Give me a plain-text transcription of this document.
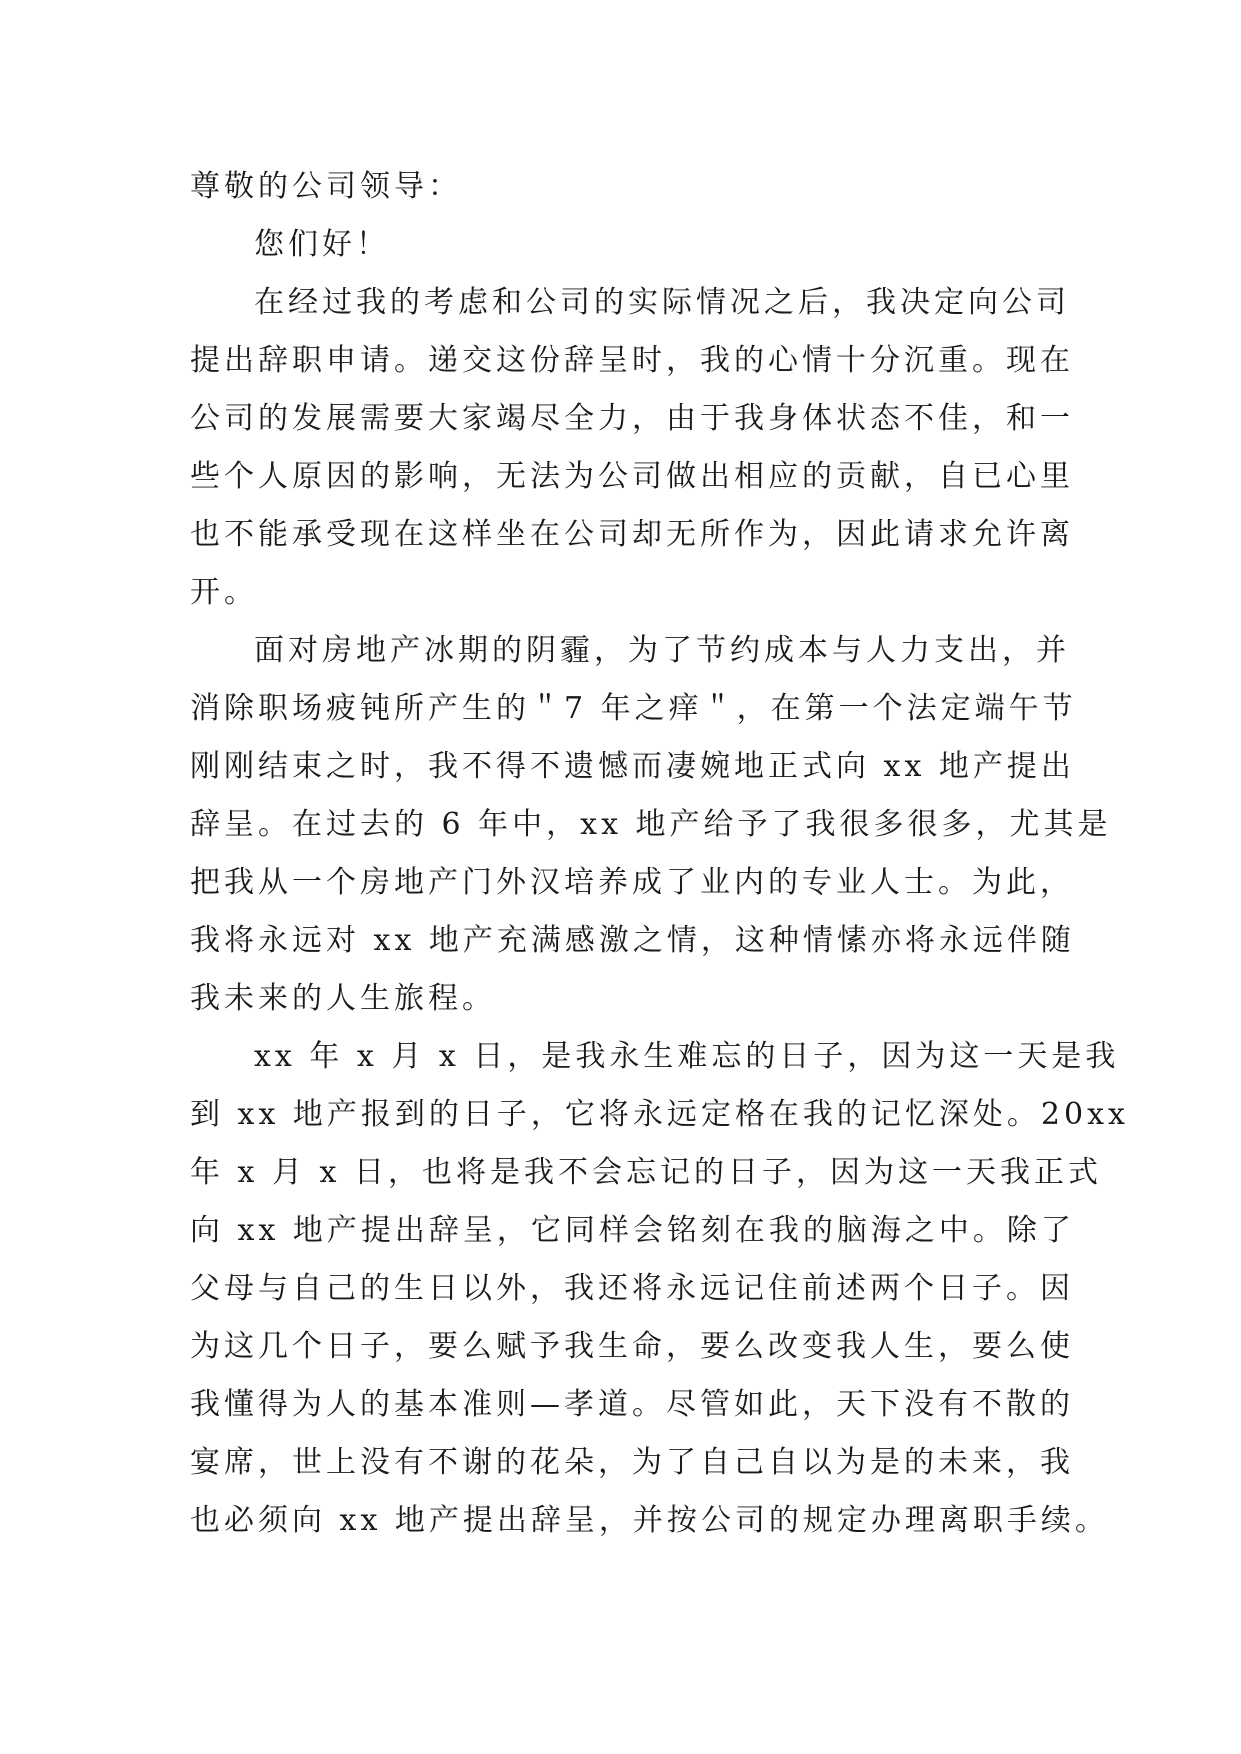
尊敬的公司领导：
您们好！
在经过我的考虑和公司的实际情况之后，我决定向公司
提出辞职申请。递交这份辞呈时，我的心情十分沉重。现在
公司的发展需要大家竭尽全力，由于我身体状态不佳，和一
些个人原因的影响，无法为公司做出相应的贡献，自已心里
也不能承受现在这样坐在公司却无所作为，因此请求允许离
开。
面对房地产冰期的阴霾，为了节约成本与人力支出，并
消除职场疲钝所产生的＂7 年之痒＂，在第一个法定端午节
刚刚结束之时，我不得不遗憾而凄婉地正式向 xx 地产提出
辞呈。在过去的 6 年中，xx 地产给予了我很多很多，尤其是
把我从一个房地产门外汉培养成了业内的专业人士。为此，
我将永远对 xx 地产充满感激之情，这种情愫亦将永远伴随
我未来的人生旅程。
xx 年 x 月 x 日，是我永生难忘的日子，因为这一天是我
到 xx 地产报到的日子，它将永远定格在我的记忆深处。20xx
年 x 月 x 日，也将是我不会忘记的日子，因为这一天我正式
向 xx 地产提出辞呈，它同样会铭刻在我的脑海之中。除了
父母与自己的生日以外，我还将永远记住前述两个日子。因
为这几个日子，要么赋予我生命，要么改变我人生，要么使
我懂得为人的基本准则—孝道。尽管如此，天下没有不散的
宴席，世上没有不谢的花朵，为了自己自以为是的未来，我
也必须向 xx 地产提出辞呈，并按公司的规定办理离职手续。
